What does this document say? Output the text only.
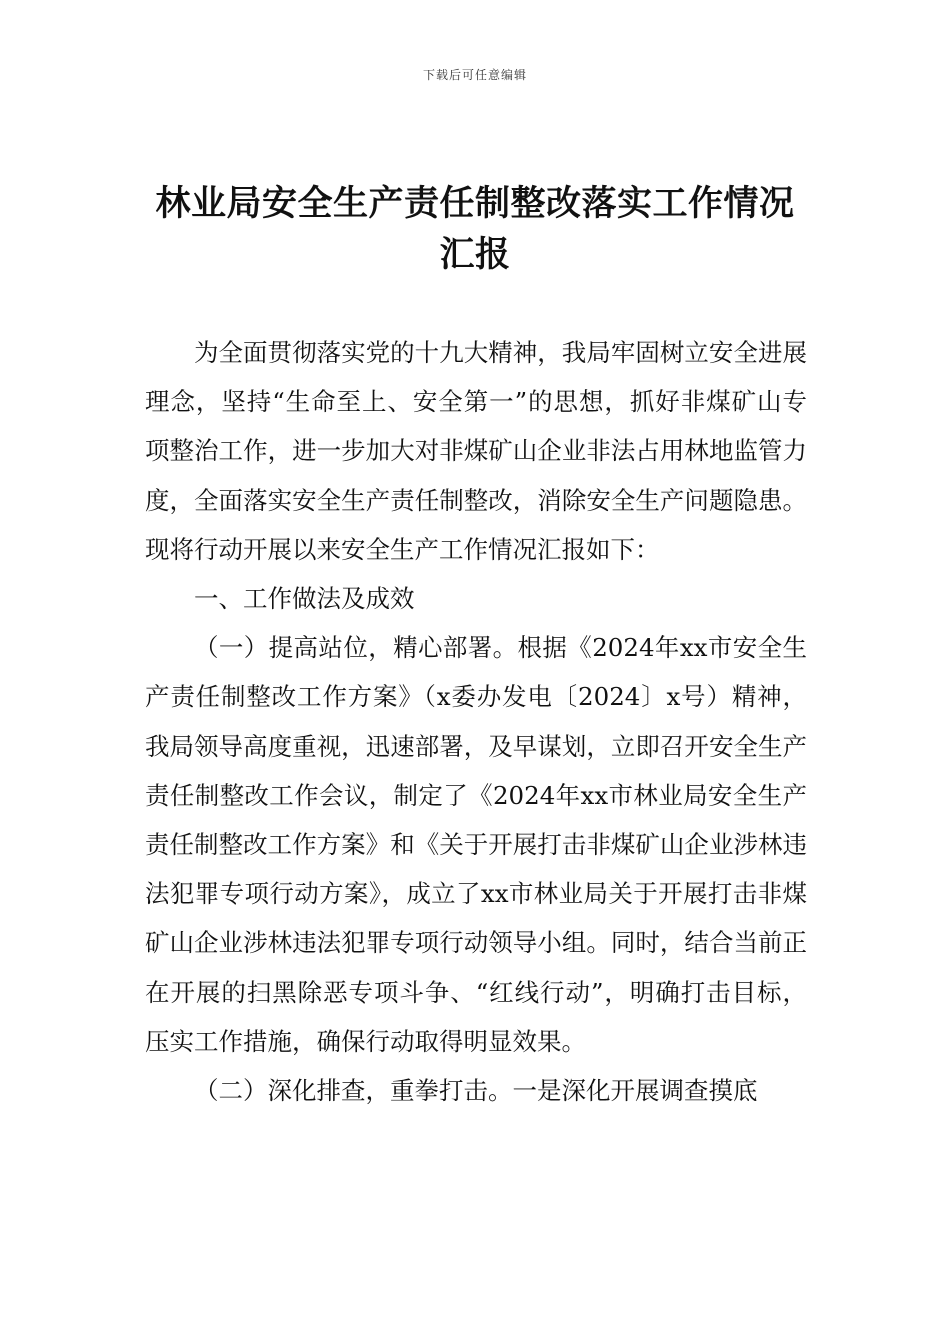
下载后可任意编辑
林业局安全生产责任制整改落实工作情况汇报

为全面贯彻落实党的十九大精神，我局牢固树立安全进展理念，坚持“生命至上、安全第一”的思想，抓好非煤矿山专项整治工作，进一步加大对非煤矿山企业非法占用林地监管力度，全面落实安全生产责任制整改，消除安全生产问题隐患。现将行动开展以来安全生产工作情况汇报如下：

一、工作做法及成效

（一）提高站位，精心部署。根据《2024年xx市安全生产责任制整改工作方案》（x委办发电〔2024〕x号）精神，我局领导高度重视，迅速部署，及早谋划，立即召开安全生产责任制整改工作会议，制定了《2024年xx市林业局安全生产责任制整改工作方案》和《关于开展打击非煤矿山企业涉林违法犯罪专项行动方案》，成立了xx市林业局关于开展打击非煤矿山企业涉林违法犯罪专项行动领导小组。同时，结合当前正在开展的扫黑除恶专项斗争、“红线行动”，明确打击目标，压实工作措施，确保行动取得明显效果。

（二）深化排查，重拳打击。一是深化开展调查摸底
